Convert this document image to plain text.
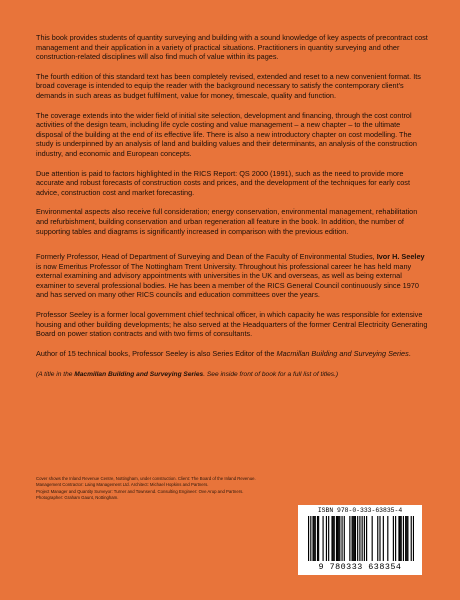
This book provides students of quantity surveying and building with a sound knowledge of key aspects of precontract cost management and their application in a variety of practical situations. Practitioners in quantity surveying and other construction-related disciplines will also find much of value within its pages.

The fourth edition of this standard text has been completely revised, extended and reset to a new convenient format. Its broad coverage is intended to equip the reader with the background necessary to satisfy the contemporary client's demands in such areas as budget fulfilment, value for money, timescale, quality and function.

The coverage extends into the wider field of initial site selection, development and financing, through the cost control activities of the design team, including life cycle costing and value management – a new chapter – to the ultimate disposal of the building at the end of its effective life. There is also a new introductory chapter on cost modelling. The study is underpinned by an analysis of land and building values and their determinants, an analysis of the construction industry, and economic and European concepts.

Due attention is paid to factors highlighted in the RICS Report: QS 2000 (1991), such as the need to provide more accurate and robust forecasts of construction costs and prices, and the development of the techniques for early cost advice, construction cost and market forecasting.

Environmental aspects also receive full consideration; energy conservation, environmental management, rehabilitation and refurbishment, building conservation and urban regeneration all feature in the book. In addition, the number of supporting tables and diagrams is significantly increased in comparison with the previous edition.

Formerly Professor, Head of Department of Surveying and Dean of the Faculty of Environmental Studies, Ivor H. Seeley is now Emeritus Professor of The Nottingham Trent University. Throughout his professional career he has held many external examining and advisory appointments with universities in the UK and overseas, as well as being external examiner to several professional bodies. He has been a member of the RICS General Council continuously since 1970 and has served on many other RICS councils and education committees over the years.

Professor Seeley is a former local government chief technical officer, in which capacity he was responsible for extensive housing and other building developments; he also served at the Headquarters of the former Central Electricity Generating Board on power station contracts and with two firms of consultants.

Author of 15 technical books, Professor Seeley is also Series Editor of the Macmillan Building and Surveying Series.

(A title in the Macmillan Building and Surveying Series. See inside front of book for a full list of titles.)

Cover shows the Inland Revenue Centre, Nottingham, under construction. Client: The Board of the Inland Revenue.
Management Contractor: Laing Management Ltd. Architect: Michael Hopkins and Partners.
Project Manager and Quantity Surveyor: Turner and Townsend. Consulting Engineer: Ove Arup and Partners.
Photographer: Graham Gaunt, Nottingham.
ISBN 978-0-333-63835-4
9 780333 638354
